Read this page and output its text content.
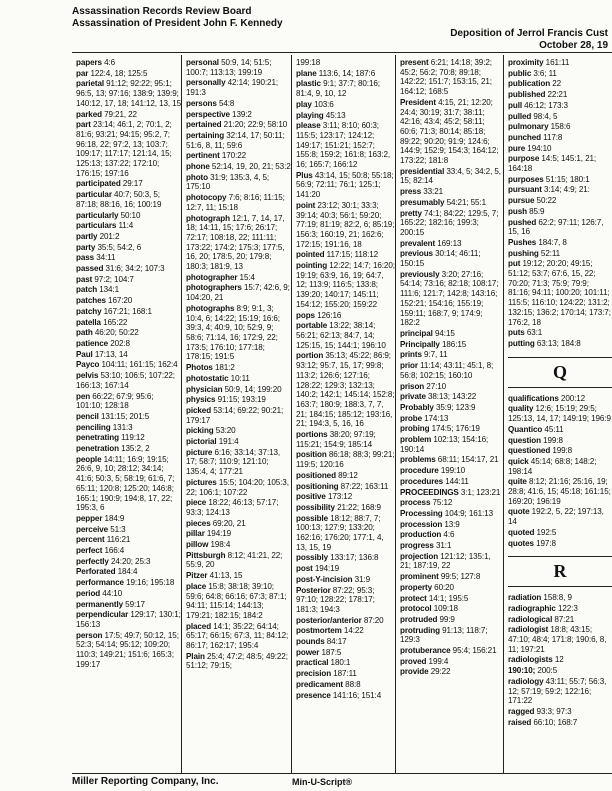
Assassination Records Review Board
Assassination of President John F. Kennedy
Deposition of Jerrol Francis Cust
October 28, 19
papers 4:6
par 122:4, 18; 125:5
parietal 91:12; 92:22; 95:1; 96:5, 13; 97:16; 138:9; 139:9; 140:12, 17, 18; 141:12, 13, 15
parked 79:21, 22
part 23:14; 46:1, 2; 70:1, 2; 81:6; 93:21; 94:15; 95:2, 7; 96:18, 22; 97:2, 13; 103:7; 109:17; 117:17; 121:14, 15; 125:13; 137:22; 172:10; 176:15; 197:16
participated 29:17
particular 40:7; 50:3, 5; 87:18; 88:16, 16; 100:19
particularly 50:10
particulars 11:4
partly 201:2
party 35:5; 54:2, 6
pass 34:11
passed 31:6; 34:2; 107:3
past 97:2; 104:7
patch 134:1
patches 167:20
patchy 167:21; 168:1
patella 165:22
path 46:20; 50:22
patience 202:8
Paul 17:13, 14
Payco 104:11; 161:15; 162:4
pelvis 53:10; 106:5; 107:22; 166:13; 167:14
pen 66:22; 67:9; 95:6; 101:10; 128:18
pencil 131:15; 201:5
penciling 131:3
penetrating 119:12
penetration 135:2, 2
people 14:11; 16:9; 19:15; 26:6, 9, 10; 28:12; 34:14; 41:6; 50:3, 5; 58:19; 61:6, 7; 65:11; 120:8; 125:20; 146:8; 165:1; 190:9; 194:8, 17, 22; 195:3, 6
pepper 184:9
perceive 51:3
percent 116:21
perfect 166:4
perfectly 24:20; 25:3
Perforated 184:4
performance 19:16; 195:18
period 44:10
permanently 59:17
perpendicular 129:17; 130:1; 156:13
person 17:5; 49:7; 50:12, 15; 52:3; 54:14; 95:12; 109:20; 110:3; 149:21; 151:6; 165:3; 199:17
personal 50:9, 14; 51:5; 100:7; 113:13; 199:19
personally 42:14; 190:21; 191:3
persons 54:8
perspective 139:2
pertained 21:20; 22:9; 58:10
pertaining 32:14, 17; 50:11; 51:6, 8, 11; 59:6
pertinent 170:22
phone 52:14, 19, 20, 21; 53:2
photo 31:9; 135:3, 4, 5; 175:10
photocopy 7:6; 8:16; 11:15; 12:7, 11; 15:18
photograph 12:1, 7, 14, 17, 18; 14:11, 15; 17:6; 26:17; 72:17; 108:18, 22; 111:11; 173:22; 174:2; 175:3; 177:5, 16, 20; 178:5, 20; 179:8; 180:3; 181:9, 13
photographer 15:4
photographers 15:7; 42:6, 9; 104:20, 21
photographs 8:9; 9:1, 3; 10:4, 6; 14:22; 15:19; 16:6; 39:3, 4; 40:9, 10; 52:9, 9; 58:6; 71:14, 16; 172:9, 22; 173:5; 176:10; 177:18; 178:15; 191:5
Photos 181:2
photostatic 10:11
physician 50:9, 14; 199:20
physics 91:15; 193:19
picked 53:14; 69:22; 90:21; 179:17
picking 53:20
pictorial 191:4
picture 6:16; 33:14; 37:13, 17; 58:7; 110:9; 121:10; 135:4, 4; 177:21
pictures 15:5; 104:20; 105:3, 22; 106:1; 107:22
piece 18:22; 46:13; 57:17; 93:3; 124:13
pieces 69:20, 21
pillar 194:19
pillow 198:4
Pittsburgh 8:12; 41:21, 22; 55:9, 20
Pitzer 41:13, 15
place 15:8; 38:18; 39:10; 59:6; 64:8; 66:16; 67:3; 87:1; 94:11; 115:14; 144:13; 179:21; 182:15; 184:2
placed 14:1; 35:22; 64:14; 65:17; 66:15; 67:3, 11; 84:12; 86:17; 162:17; 195:4
Plain 25:4; 47:2; 48:5; 49:22; 51:12; 79:15;
199:18
plane 113:6, 14; 187:6
plastic 9:1; 37:7; 80:16; 81:4, 9, 10, 12
play 103:6
playing 45:13
please 3:11; 8:10; 60:3; 115:5; 123:17; 124:12; 149:17; 151:21; 152:7; 155:8; 159:2; 161:8; 163:2, 16; 165:7; 166:12
Plus 43:14, 15; 50:8; 55:18; 56:9; 72:11; 76:1; 125:1; 141:20
point 23:12; 30:1; 33:3; 39:14; 40:3; 56:1; 59:20; 77:19; 81:19; 82:2, 6; 85:19; 156:3; 160:19, 21; 162:6; 172:15; 191:16, 18
pointed 117:15; 118:12
pointing 12:22; 14:7; 16:20; 19:19; 63:9, 16, 19; 64:7, 12; 113:9; 116:5; 133:8; 139:20; 140:17; 145:11; 154:12; 155:20; 159:22
pops 126:16
portable 13:22; 38:14; 56:21; 62:13; 84:7, 14; 125:15, 15; 144:1; 196:10
portion 35:13; 45:22; 86:9; 93:12; 95:7, 15, 17; 99:8; 113:2; 126:6; 127:16; 128:22; 129:3; 132:13; 140:2; 142:1; 145:14; 152:8; 163:7; 180:9; 188:3, 7, 7, 21; 184:15; 185:12; 193:16, 21; 194:3, 5, 16, 16
portions 38:20; 97:19; 115:21; 154:9; 185:14
position 86:18; 88:3; 99:21; 119:5; 120:16
positioned 89:12
positioning 87:22; 163:11
positive 173:12
possibility 21:22; 168:9
possible 18:12; 88:7, 7; 100:13; 127:9; 133:20; 162:16; 176:20; 177:1, 4, 13, 15, 19
possibly 133:17; 136:8
post 194:19
post-Y-incision 31:9
Posterior 87:22; 95:3; 97:10; 128:22; 178:17; 181:3; 194:3
posterior/anterior 87:20
postmortem 14:22
pounds 84:17
power 187:5
practical 180:1
precision 187:11
predicament 88:8
presence 141:16; 151:4
present 6:21; 14:18; 39:2; 45:2; 56:2; 70:8; 89:18; 142:22; 151:7; 153:15, 21; 164:12; 168:5
President 4:15, 21; 12:20; 24:4; 30:19; 31:7; 38:11; 42:16; 43:4; 45:2; 58:11; 60:6; 71:3; 80:14; 85:18; 89:22; 90:20; 91:9; 124:6; 144:9; 152:9; 154:3; 164:12; 173:22; 181:8
presidential 33:4, 5; 34:2, 5, 15; 82:14
press 33:21
presumably 54:21; 55:1
pretty 74:1; 84:22; 129:5, 7; 165:22; 182:16; 199:3; 200:15
prevalent 169:13
previous 30:14; 46:11; 150:15
previously 3:20; 27:16; 54:14; 73:16; 82:18; 108:17; 111:6; 121:7; 142:8; 143:16; 152:21; 154:16; 155:19; 159:11; 168:7, 9; 174:9; 182:2
principal 94:15
Principally 186:15
prints 9:7, 11
prior 11:14; 43:11; 45:1, 8; 56:8; 102:15; 160:10
prison 27:10
private 38:13; 143:22
Probably 35:9; 123:9
probe 174:13
probing 174:5; 176:19
problem 102:13; 154:16; 190:14
problems 68:11; 154:17, 21
procedure 199:10
procedures 144:11
PROCEEDINGS 3:1; 123:21
process 75:12
Processing 104:9; 161:13
procession 13:9
production 4:6
progress 31:1
projection 121:12; 135:1, 21; 187:19, 22
prominent 99:5; 127:8
property 60:20
protect 14:1; 195:5
protocol 109:18
protruded 99:9
protruding 91:13; 118:7; 129:3
protuberance 95:4; 156:21
proved 199:4
provide 29:22
proximity 161:11
public 3:6; 11
publication 22
published 22:21
pull 46:12; 173:3
pulled 98:4, 5
pulmonary 158:6
punched 117:8
pure 194:10
purpose 14:5; 145:1, 21; 164:18
purposes 51:15; 180:1
pursuant 3:14; 4:9; 21:
pursue 50:22
push 85:9
pushed 62:2; 97:11; 126:7, 15, 16
Pushes 184:7, 8
pushing 52:11
put 19:12; 20:20; 49:15; 51:12; 53:7; 67:6, 15, 22; 70:20; 71:3; 75:9; 79:9; 81:16; 94:11; 100:20; 101:11; 115:5; 116:10; 124:22; 131:2; 132:15; 136:2; 170:14; 173:7; 176:2, 18
puts 63:1
putting 63:13; 184:8
Q
qualifications 200:12
quality 12:6; 15:19; 29:5; 125:13, 14, 17; 149:19; 196:9
Quantico 45:11
question 199:8
questioned 199:8
quick 45:14; 68:8; 148:2; 198:14
quite 8:12; 21:16; 25:16, 19; 28:8; 41:6, 15; 45:18; 161:15; 169:20; 196:19
quote 192:2, 5, 22; 197:13, 14
quoted 192:5
quotes 197:8
R
radiation 158:8, 9
radiographic 122:3
radiological 87:21
radiologist 18:8; 43:15; 47:10; 48:4; 171:8; 190:6, 8, 11; 197:21
radiologists 12
190:10; 200:5
radiology 43:11; 55:7; 56:3, 12; 57:19; 59:2; 122:16; 171:22
ragged 93:3; 97:3
raised 66:10; 168:7
Miller Reporting Company, Inc.	Min-U-Script®
